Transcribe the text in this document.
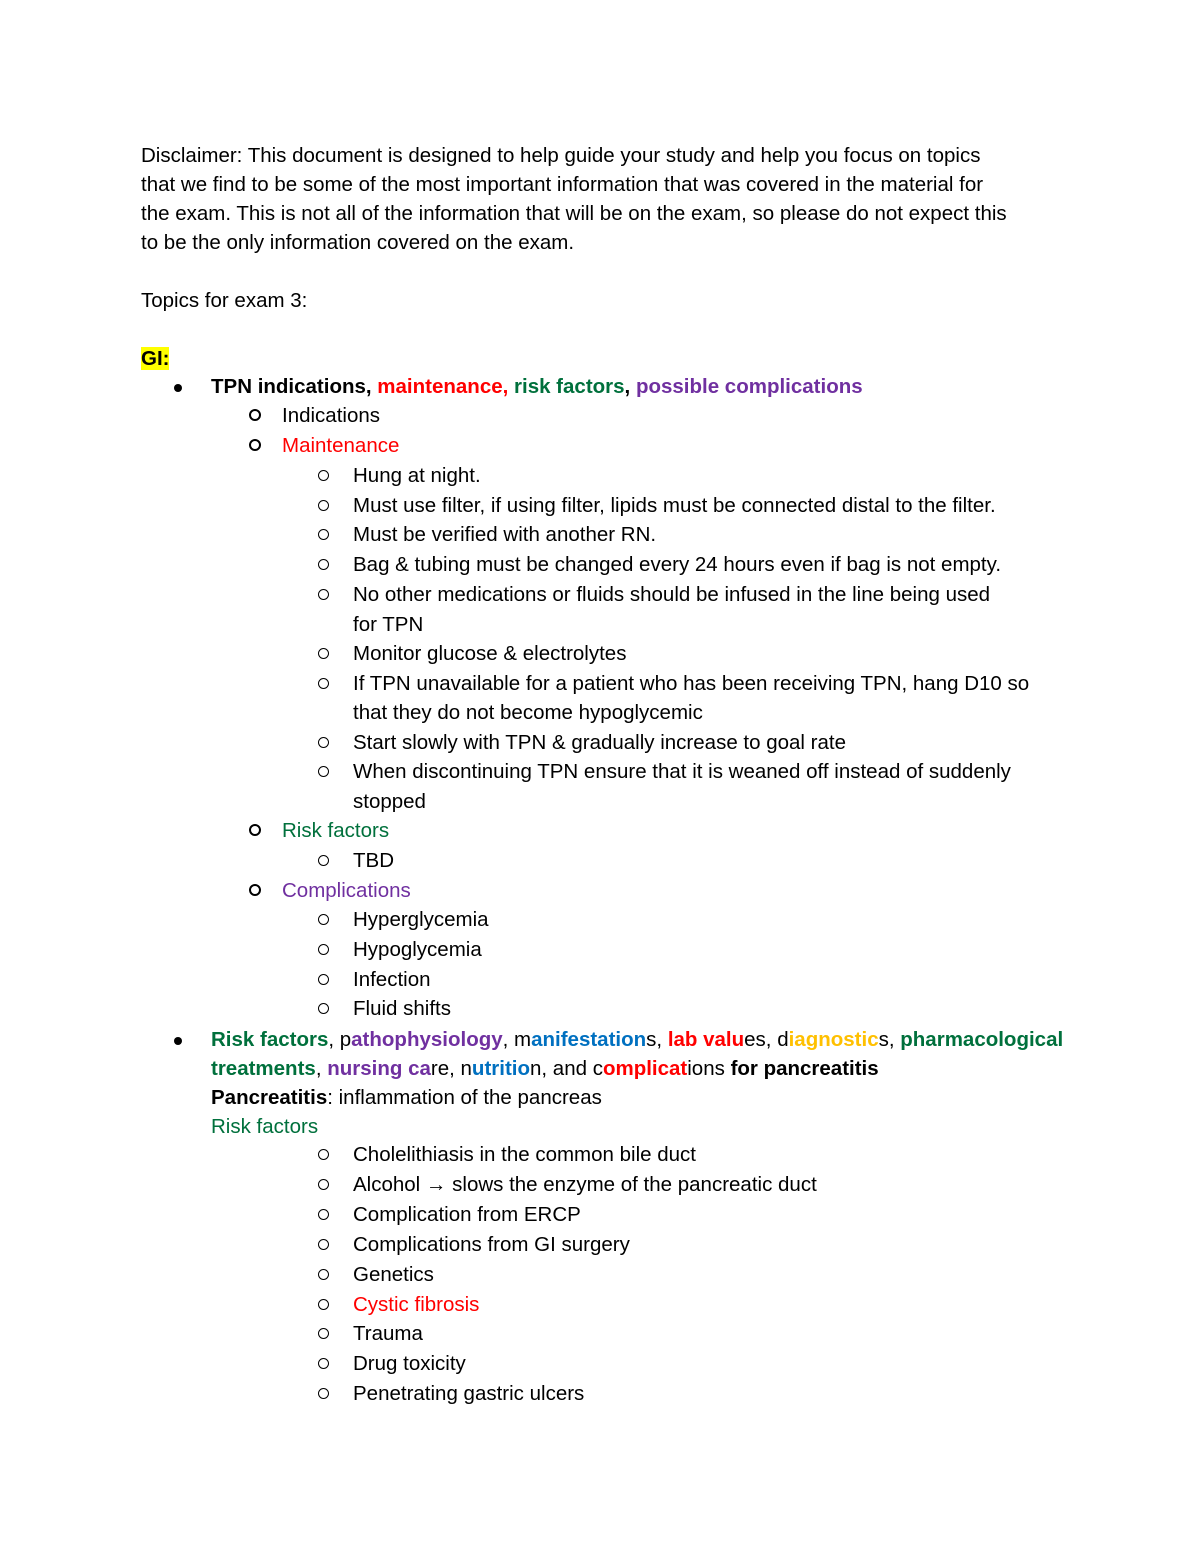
Disclaimer: This document is designed to help guide your study and help you focus on topics
that we find to be some of the most important information that was covered in the material for
the exam. This is not all of the information that will be on the exam, so please do not expect this
to be the only information covered on the exam.
Topics for exam 3:
GI:
TPN indications, maintenance, risk factors, possible complications
Indications
Maintenance
Hung at night.
Must use filter, if using filter, lipids must be connected distal to the filter.
Must be verified with another RN.
Bag & tubing must be changed every 24 hours even if bag is not empty.
No other medications or fluids should be infused in the line being used
for TPN
Monitor glucose & electrolytes
If TPN unavailable for a patient who has been receiving TPN, hang D10 so
that they do not become hypoglycemic
Start slowly with TPN & gradually increase to goal rate
When discontinuing TPN ensure that it is weaned off instead of suddenly
stopped
Risk factors
TBD
Complications
Hyperglycemia
Hypoglycemia
Infection
Fluid shifts
Risk factors, pathophysiology, manifestations, lab values, diagnostics, pharmacological
treatments, nursing care, nutrition, and complications for pancreatitis
Pancreatitis: inflammation of the pancreas
Risk factors
Cholelithiasis in the common bile duct
Alcohol → slows the enzyme of the pancreatic duct
Complication from ERCP
Complications from GI surgery
Genetics
Cystic fibrosis
Trauma
Drug toxicity
Penetrating gastric ulcers
